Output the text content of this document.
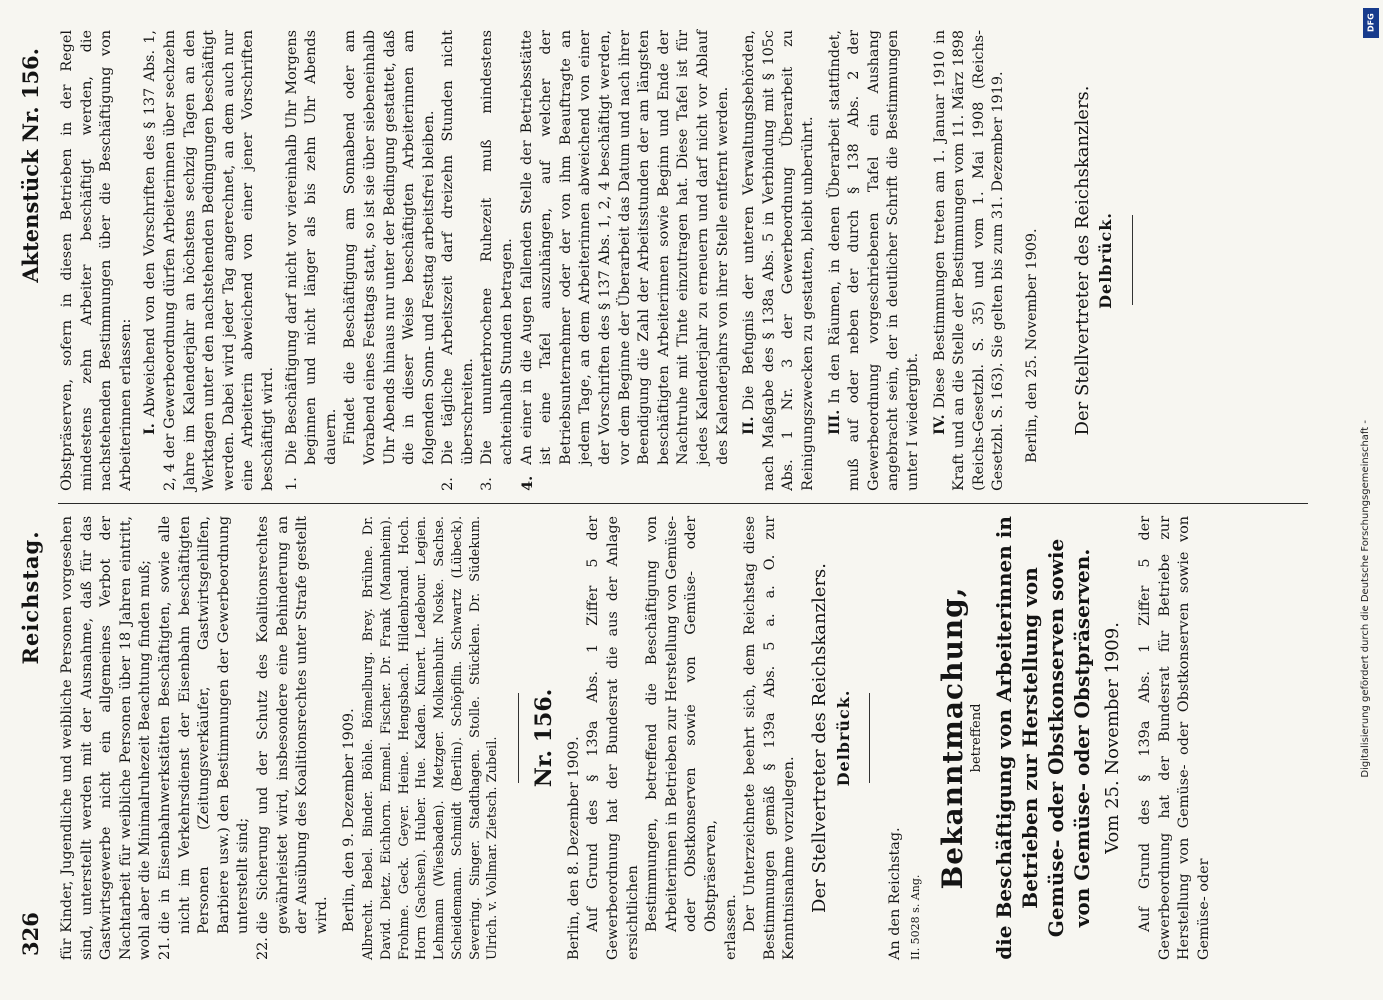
326
Reichstag.
Aktenstück Nr. 156.

für Kinder, Jugendliche und weibliche Personen vorgesehen sind, unterstellt werden mit der Ausnahme, daß für das Gastwirtsgewerbe nicht ein allgemeines Verbot der Nachtarbeit für weibliche Personen über 18 Jahren eintritt, wohl aber die Minimalruhezeit Beachtung finden muß; 21.
die in Eisenbahnwerkstätten Beschäftigten, sowie alle nicht im Verkehrsdienst der Eisenbahn beschäftigten Personen (Zeitungsverkäufer, Gastwirtsgehilfen, Barbiere usw.) den Bestimmungen der Gewerbeordnung unterstellt sind;
22.
die Sicherung und der Schutz des Koalitionsrechtes gewährleistet wird, insbesondere eine Behinderung an der Ausübung des Koalitionsrechtes unter Strafe gestellt wird. Berlin, den 9. Dezember 1909. Albrecht. Bebel. Binder. Böhle. Bömelburg. Brey. Brühne. Dr. David. Dietz. Eichhorn. Emmel. Fischer. Dr. Frank (Mannheim). Frohme. Geck. Geyer. Heine. Hengsbach. Hildenbrand. Hoch. Horn (Sachsen). Huber. Hue. Kaden. Kunert. Ledebour. Legien. Lehmann (Wiesbaden). Metzger. Molkenbuhr. Noske. Sachse. Scheidemann. Schmidt (Berlin). Schöpflin. Schwartz (Lübeck). Severing. Singer. Stadthagen. Stolle. Stücklen. Dr. Südekum. Ulrich. v. Vollmar. Zietsch. Zubeil. Nr. 156. Berlin, den 8. Dezember 1909. Auf Grund des § 139a Abs. 1 Ziffer 5 der Gewerbeordnung hat der Bundesrat die aus der Anlage ersichtlichen Bestimmungen, betreffend die Beschäftigung von Arbeiterinnen in Betrieben zur Herstellung von Gemüse- oder Obstkonserven sowie von Gemüse- oder Obstpräserven, erlassen. Der Unterzeichnete beehrt sich, dem Reichstag diese Bestimmungen gemäß § 139a Abs. 5 a. a. O. zur Kenntnisnahme vorzulegen. Der Stellvertreter des Reichskanzlers. Delbrück.

An den Reichstag. II. 5028 s. Ang.

Bekanntmachung, betreffend die Beschäftigung von Arbeiterinnen in Betrieben zur Herstellung von Gemüse- oder Obstkonserven sowie von Gemüse- oder Obstpräserven. Vom 25. November 1909. Auf Grund des § 139a Abs. 1 Ziffer 5 der Gewerbeordnung hat der Bundesrat für Betriebe zur Herstellung von Gemüse- oder Obstkonserven sowie von Gemüse- oder

Obstpräserven, sofern in diesen Betrieben in der Regel mindestens zehn Arbeiter beschäftigt werden, die nachstehenden Bestimmungen über die Beschäftigung von Arbeiterinnen erlassen: I.Abweichend von den Vorschriften des § 137 Abs. 1, 2, 4 der Gewerbeordnung dürfen Arbeiterinnen über sechzehn Jahre im Kalenderjahr an höchstens sechzig Tagen an den Werktagen unter den nachstehenden Bedingungen beschäftigt werden. Dabei wird jeder Tag angerechnet, an dem auch nur eine Arbeiterin abweichend von einer jener Vorschriften beschäftigt wird. 1.
Die Beschäftigung darf nicht vor viereinhalb Uhr Morgens beginnen und nicht länger als bis zehn Uhr Abends dauern. Findet die Beschäftigung am Sonnabend oder am Vorabend eines Festtags statt, so ist sie über siebeneinhalb Uhr Abends hinaus nur unter der Bedingung gestattet, daß die in dieser Weise beschäftigten Arbeiterinnen am folgenden Sonn- und Festtag arbeitsfrei bleiben.

2.
Die tägliche Arbeitszeit darf dreizehn Stunden nicht überschreiten.
3.
Die ununterbrochene Ruhezeit muß mindestens achteinhalb Stunden betragen.
4.
An einer in die Augen fallenden Stelle der Betriebsstätte ist eine Tafel auszuhängen, auf welcher der Betriebsunternehmer oder der von ihm Beauftragte an jedem Tage, an dem Arbeiterinnen abweichend von einer der Vorschriften des § 137 Abs. 1, 2, 4 beschäftigt werden, vor dem Beginne der Überarbeit das Datum und nach ihrer Beendigung die Zahl der Arbeitsstunden der am längsten beschäftigten Arbeiterinnen sowie Beginn und Ende der Nachtruhe mit Tinte einzutragen hat. Diese Tafel ist für jedes Kalenderjahr zu erneuern und darf nicht vor Ablauf des Kalenderjahrs von ihrer Stelle entfernt werden. II.Die Befugnis der unteren Verwaltungsbehörden, nach Maßgabe des § 138a Abs. 5 in Verbindung mit § 105c Abs. 1 Nr. 3 der Gewerbeordnung Überarbeit zu Reinigungszwecken zu gestatten, bleibt unberührt. III.In den Räumen, in denen Überarbeit stattfindet, muß auf oder neben der durch § 138 Abs. 2 der Gewerbeordnung vorgeschriebenen Tafel ein Aushang angebracht sein, der in deutlicher Schrift die Bestimmungen unter I wiedergibt. IV.Diese Bestimmungen treten am 1. Januar 1910 in Kraft und an die Stelle der Bestimmungen vom 11. März 1898 (Reichs-Gesetzbl. S. 35) und vom 1. Mai 1908 (Reichs-Gesetzbl. S. 163). Sie gelten bis zum 31. Dezember 1919. Berlin, den 25. November 1909. Der Stellvertreter des Reichskanzlers. Delbrück.
DFG
Digitalisierung gefördert durch die Deutsche Forschungsgemeinschaft -
